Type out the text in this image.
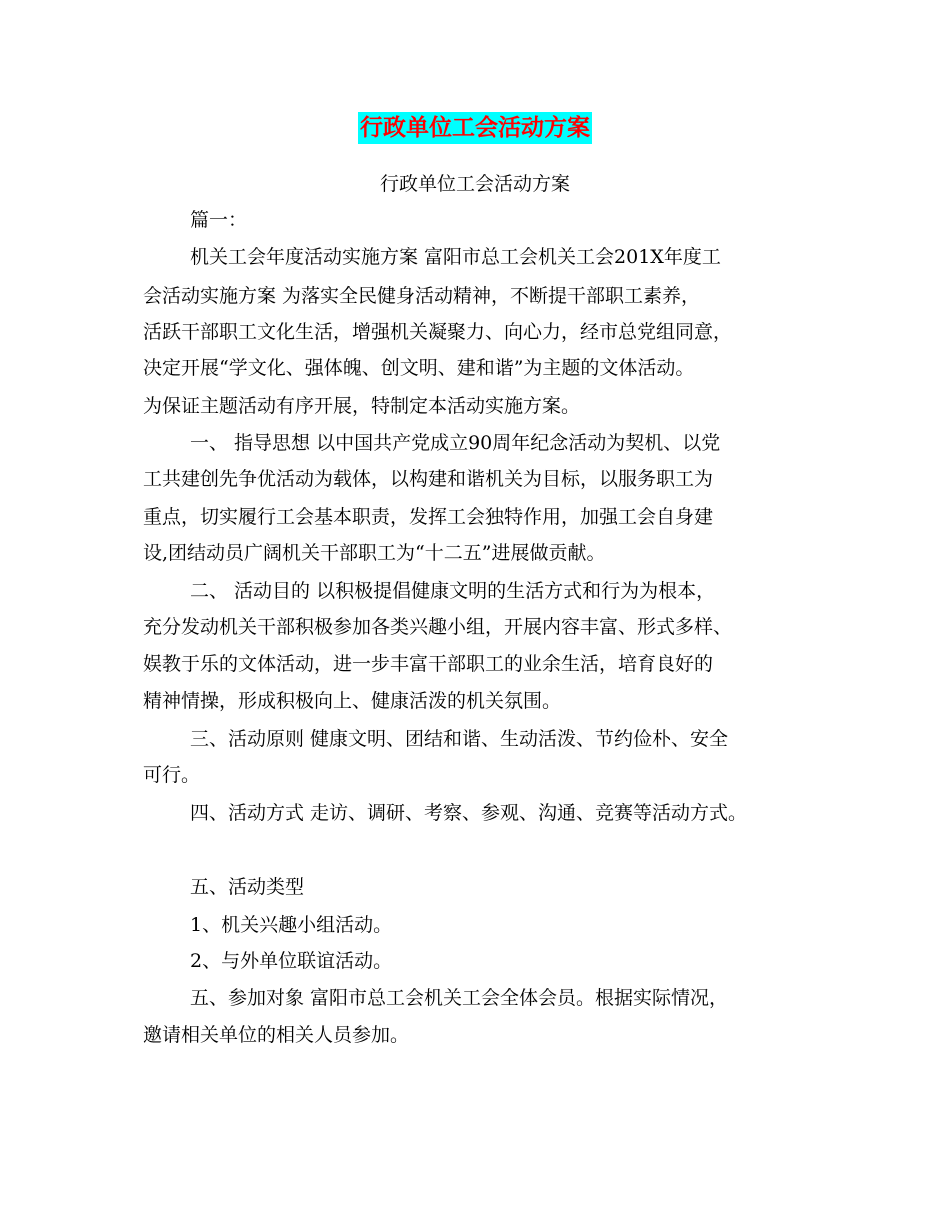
行政单位工会活动方案
行政单位工会活动方案
篇一：
机关工会年度活动实施方案 富阳市总工会机关工会201X年度工
会活动实施方案 为落实全民健身活动精神，不断提干部职工素养，
活跃干部职工文化生活，增强机关凝聚力、向心力，经市总党组同意，
决定开展“学文化、强体魄、创文明、建和谐”为主题的文体活动。
为保证主题活动有序开展，特制定本活动实施方案。
一、 指导思想 以中国共产党成立90周年纪念活动为契机、以党
工共建创先争优活动为载体，以构建和谐机关为目标，以服务职工为
重点，切实履行工会基本职责，发挥工会独特作用，加强工会自身建
设,团结动员广阔机关干部职工为“十二五”进展做贡献。
二、 活动目的 以积极提倡健康文明的生活方式和行为为根本，
充分发动机关干部积极参加各类兴趣小组，开展内容丰富、形式多样、
娱教于乐的文体活动，进一步丰富干部职工的业余生活，培育良好的
精神情操，形成积极向上、健康活泼的机关氛围。
三、活动原则 健康文明、团结和谐、生动活泼、节约俭朴、安全
可行。
四、活动方式 走访、调研、考察、参观、沟通、竞赛等活动方式。
五、活动类型
1、机关兴趣小组活动。
2、与外单位联谊活动。
五、参加对象 富阳市总工会机关工会全体会员。根据实际情况，
邀请相关单位的相关人员参加。
